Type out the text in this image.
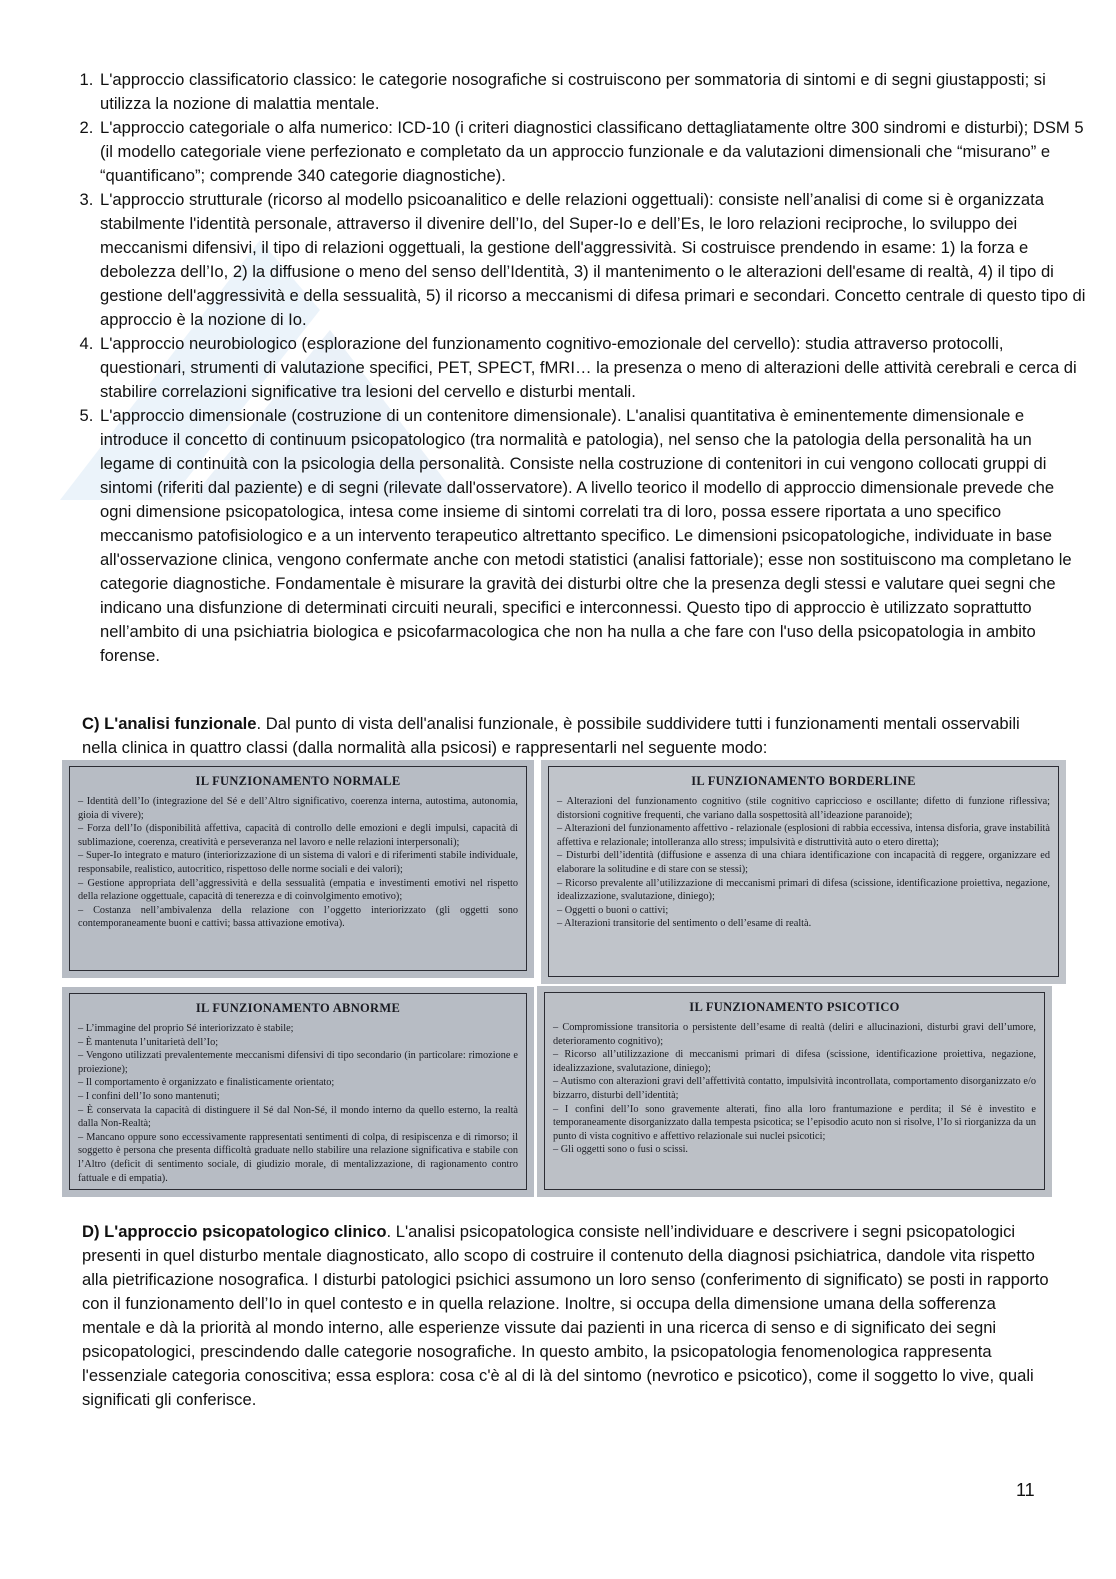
1. L'approccio classificatorio classico: le categorie nosografiche si costruiscono per sommatoria di sintomi e di segni giustapposti; si utilizza la nozione di malattia mentale.
2. L'approccio categoriale o alfa numerico: ICD-10 (i criteri diagnostici classificano dettagliatamente oltre 300 sindromi e disturbi); DSM 5 (il modello categoriale viene perfezionato e completato da un approccio funzionale e da valutazioni dimensionali che “misurano” e “quantificano”; comprende 340 categorie diagnostiche).
3. L'approccio strutturale (ricorso al modello psicoanalitico e delle relazioni oggettuali): consiste nell’analisi di come si è organizzata stabilmente l'identità personale, attraverso il divenire dell’Io, del Super-Io e dell’Es, le loro relazioni reciproche, lo sviluppo dei meccanismi difensivi, il tipo di relazioni oggettuali, la gestione dell'aggressività. Si costruisce prendendo in esame: 1) la forza e debolezza dell’Io, 2) la diffusione o meno del senso dell’Identità, 3) il mantenimento o le alterazioni dell'esame di realtà, 4) il tipo di gestione dell'aggressività e della sessualità, 5) il ricorso a meccanismi di difesa primari e secondari. Concetto centrale di questo tipo di approccio è la nozione di Io.
4. L'approccio neurobiologico (esplorazione del funzionamento cognitivo-emozionale del cervello): studia attraverso protocolli, questionari, strumenti di valutazione specifici, PET, SPECT, fMRI… la presenza o meno di alterazioni delle attività cerebrali e cerca di stabilire correlazioni significative tra lesioni del cervello e disturbi mentali.
5. L'approccio dimensionale (costruzione di un contenitore dimensionale). L'analisi quantitativa è eminentemente dimensionale e introduce il concetto di continuum psicopatologico (tra normalità e patologia), nel senso che la patologia della personalità ha un legame di continuità con la psicologia della personalità. Consiste nella costruzione di contenitori in cui vengono collocati gruppi di sintomi (riferiti dal paziente) e di segni (rilevate dall'osservatore). A livello teorico il modello di approccio dimensionale prevede che ogni dimensione psicopatologica, intesa come insieme di sintomi correlati tra di loro, possa essere riportata a uno specifico meccanismo patofisiologico e a un intervento terapeutico altrettanto specifico. Le dimensioni psicopatologiche, individuate in base all'osservazione clinica, vengono confermate anche con metodi statistici (analisi fattoriale); esse non sostituiscono ma completano le categorie diagnostiche. Fondamentale è misurare la gravità dei disturbi oltre che la presenza degli stessi e valutare quei segni che indicano una disfunzione di determinati circuiti neurali, specifici e interconnessi. Questo tipo di approccio è utilizzato soprattutto nell’ambito di una psichiatria biologica e psicofarmacologica che non ha nulla a che fare con l'uso della psicopatologia in ambito forense.

C) L'analisi funzionale. Dal punto di vista dell'analisi funzionale, è possibile suddividere tutti i funzionamenti mentali osservabili nella clinica in quattro classi (dalla normalità alla psicosi) e rappresentarli nel seguente modo:

IL FUNZIONAMENTO NORMALE
– Identità dell’Io (integrazione del Sé e dell’Altro significativo, coerenza interna, autostima, autonomia, gioia di vivere);
– Forza dell’Io (disponibilità affettiva, capacità di controllo delle emozioni e degli impulsi, capacità di sublimazione, coerenza, creatività e perseveranza nel lavoro e nelle relazioni interpersonali);
– Super-Io integrato e maturo (interiorizzazione di un sistema di valori e di riferimenti stabile individuale, responsabile, realistico, autocritico, rispettoso delle norme sociali e dei valori);
– Gestione appropriata dell’aggressività e della sessualità (empatia e investimenti emotivi nel rispetto della relazione oggettuale, capacità di tenerezza e di coinvolgimento emotivo);
– Costanza nell’ambivalenza della relazione con l’oggetto interiorizzato (gli oggetti sono contemporaneamente buoni e cattivi; bassa attivazione emotiva).
IL FUNZIONAMENTO BORDERLINE
– Alterazioni del funzionamento cognitivo (stile cognitivo capriccioso e oscillante; difetto di funzione riflessiva; distorsioni cognitive frequenti, che variano dalla sospettosità all’ideazione paranoide);
– Alterazioni del funzionamento affettivo - relazionale (esplosioni di rabbia eccessiva, intensa disforia, grave instabilità affettiva e relazionale; intolleranza allo stress; impulsività e distruttività auto o etero diretta);
– Disturbi dell’identità (diffusione e assenza di una chiara identificazione con incapacità di reggere, organizzare ed elaborare la solitudine e di stare con se stessi);
– Ricorso prevalente all’utilizzazione di meccanismi primari di difesa (scissione, identificazione proiettiva, negazione, idealizzazione, svalutazione, diniego);
– Oggetti o buoni o cattivi;
– Alterazioni transitorie del sentimento o dell’esame di realtà.
IL FUNZIONAMENTO ABNORME
– L’immagine del proprio Sé interiorizzato è stabile;
– È mantenuta l’unitarietà dell’Io;
– Vengono utilizzati prevalentemente meccanismi difensivi di tipo secondario (in particolare: rimozione e proiezione);
– Il comportamento è organizzato e finalisticamente orientato;
– I confini dell’Io sono mantenuti;
– È conservata la capacità di distinguere il Sé dal Non-Sé, il mondo interno da quello esterno, la realtà dalla Non-Realtà;
– Mancano oppure sono eccessivamente rappresentati sentimenti di colpa, di resipiscenza e di rimorso; il soggetto è persona che presenta difficoltà graduate nello stabilire una relazione significativa e stabile con l’Altro (deficit di sentimento sociale, di giudizio morale, di mentalizzazione, di ragionamento contro fattuale e di empatia).
IL FUNZIONAMENTO PSICOTICO
– Compromissione transitoria o persistente dell’esame di realtà (deliri e allucinazioni, disturbi gravi dell’umore, deterioramento cognitivo);
– Ricorso all’utilizzazione di meccanismi primari di difesa (scissione, identificazione proiettiva, negazione, idealizzazione, svalutazione, diniego);
– Autismo con alterazioni gravi dell’affettività contatto, impulsività incontrollata, comportamento disorganizzato e/o bizzarro, disturbi dell’identità;
– I confini dell’Io sono gravemente alterati, fino alla loro frantumazione e perdita; il Sé è investito e temporaneamente disorganizzato dalla tempesta psicotica; se l’episodio acuto non si risolve, l’Io si riorganizza da un punto di vista cognitivo e affettivo relazionale sui nuclei psicotici;
– Gli oggetti sono o fusi o scissi.

D) L'approccio psicopatologico clinico. L'analisi psicopatologica consiste nell’individuare e descrivere i segni psicopatologici presenti in quel disturbo mentale diagnosticato, allo scopo di costruire il contenuto della diagnosi psichiatrica, dandole vita rispetto alla pietrificazione nosografica. I disturbi patologici psichici assumono un loro senso (conferimento di significato) se posti in rapporto con il funzionamento dell’Io in quel contesto e in quella relazione. Inoltre, si occupa della dimensione umana della sofferenza mentale e dà la priorità al mondo interno, alle esperienze vissute dai pazienti in una ricerca di senso e di significato dei segni psicopatologici, prescindendo dalle categorie nosografiche. In questo ambito, la psicopatologia fenomenologica rappresenta l'essenziale categoria conoscitiva; essa esplora: cosa c'è al di là del sintomo (nevrotico e psicotico), come il soggetto lo vive, quali significati gli conferisce.

11
